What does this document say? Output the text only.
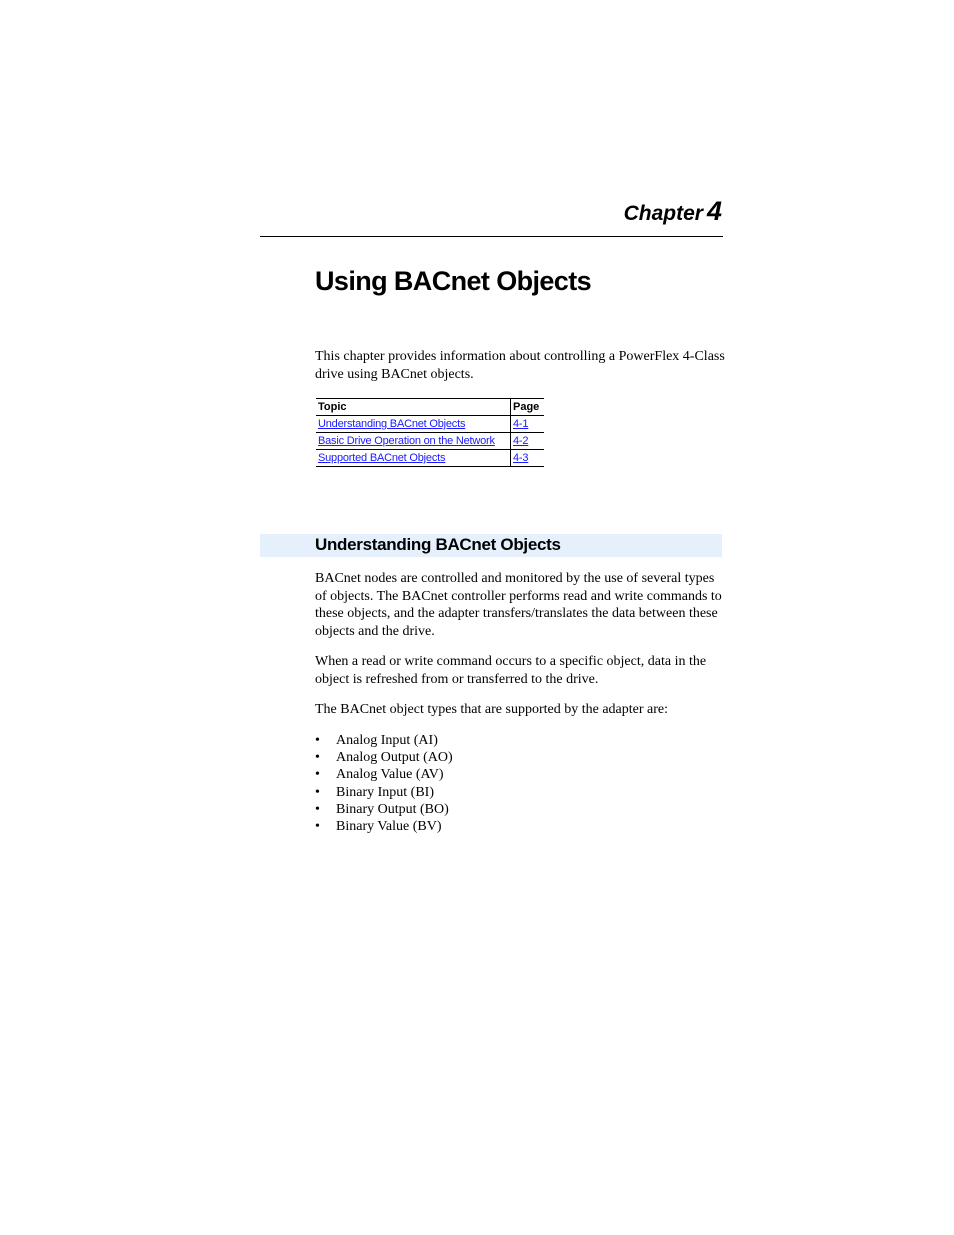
Chapter 4
Using BACnet Objects

This chapter provides information about controlling a PowerFlex 4-Class drive using BACnet objects.

Topic	Page
Understanding BACnet Objects	4-1
Basic Drive Operation on the Network	4-2
Supported BACnet Objects	4-3
Understanding BACnet Objects

BACnet nodes are controlled and monitored by the use of several types of objects. The BACnet controller performs read and write commands to these objects, and the adapter transfers/translates the data between these objects and the drive.

When a read or write command occurs to a specific object, data in the object is refreshed from or transferred to the drive.

The BACnet object types that are supported by the adapter are:

• Analog Input (AI)
• Analog Output (AO)
• Analog Value (AV)
• Binary Input (BI)
• Binary Output (BO)
• Binary Value (BV)
